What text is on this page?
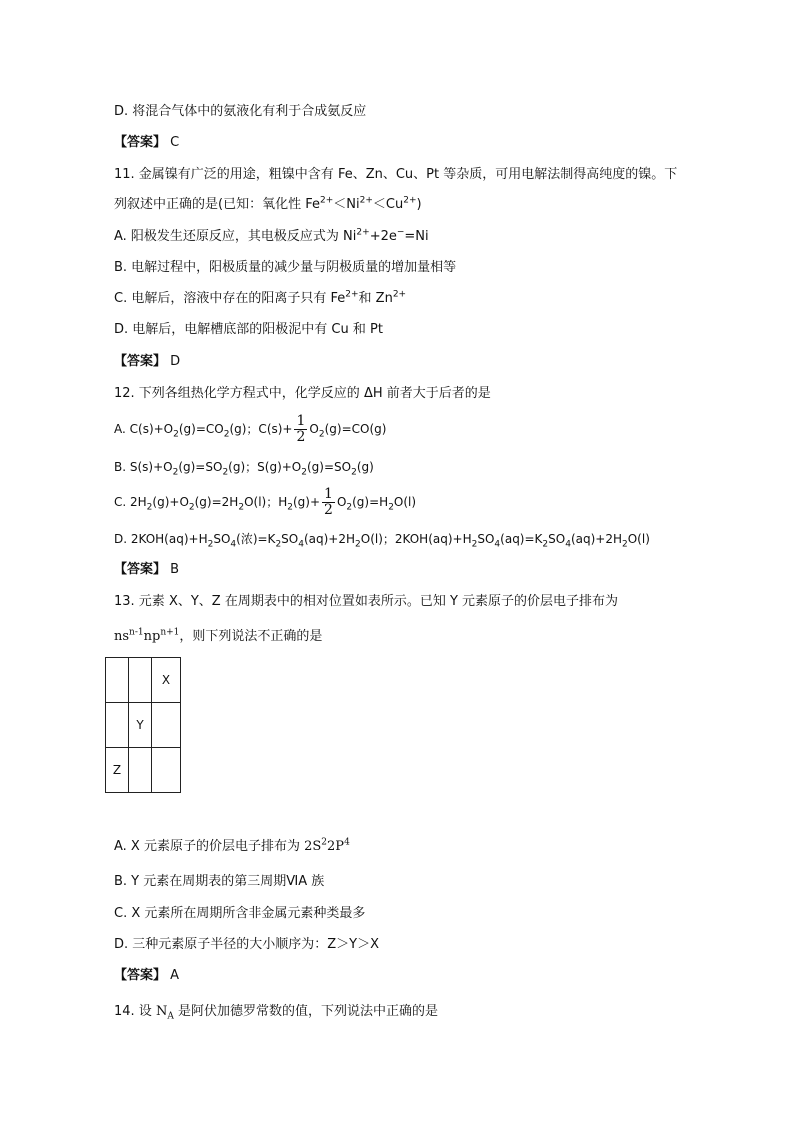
D. 将混合气体中的氨液化有利于合成氨反应
【答案】 C
11. 金属镍有广泛的用途，粗镍中含有 Fe、Zn、Cu、Pt 等杂质，可用电解法制得高纯度的镍。下
列叙述中正确的是(已知：氧化性 $Fe^{2+}<Ni^{2+}<Cu^{2+}$)
A. 阳极发生还原反应，其电极反应式为 $Ni^{2+}+2e^-=Ni$
B. 电解过程中，阳极质量的减少量与阴极质量的增加量相等
C. 电解后，溶液中存在的阳离子只有 $Fe^{2+}$和 $Zn^{2+}$
D. 电解后，电解槽底部的阳极泥中有 Cu 和 Pt
【答案】 D
12. 下列各组热化学方程式中，化学反应的 ΔH 前者大于后者的是
A. $C(s)+O_2(g)=CO_2(g)$；$C(s)+ \frac{1}{2} O_2(g)=CO(g)$
B. $S(s)+O_2(g)=SO_2(g)$；$S(g)+O_2(g)=SO_2(g)$
C. $2H_2(g)+O_2(g)=2H_2O(l)$；$H_2(g)+ \frac{1}{2} O_2(g)=H_2O(l)$
D. $2KOH(aq)+H_2SO_4$(浓)$=K_2SO_4(aq)+2H_2O(l)$；$2KOH(aq)+H_2SO_4(aq)=K_2SO_4(aq)+2H_2O(l)$
【答案】 B
13. 元素 X、Y、Z 在周期表中的相对位置如表所示。已知 Y 元素原子的价层电子排布为
$ns^{n-1}np^{n+1}$，则下列说法不正确的是
		X
	Y	
Z		
A. X 元素原子的价层电子排布为 $2S^22P^4$
B. Y 元素在周期表的第三周期ⅥA 族
C. X 元素所在周期所含非金属元素种类最多
D. 三种元素原子半径的大小顺序为：Z＞Y＞X
【答案】 A
14. 设 $N_A$ 是阿伏加德罗常数的值，下列说法中正确的是
